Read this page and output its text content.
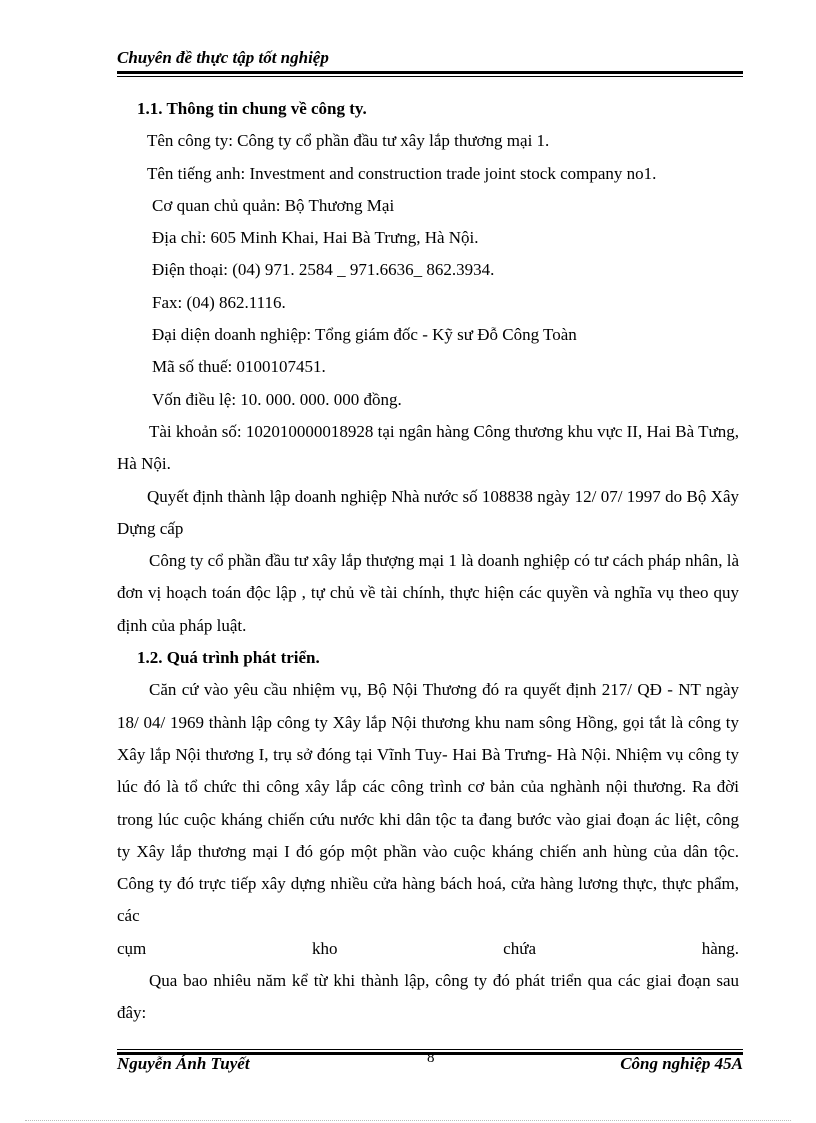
Chuyên đề thực tập tốt nghiệp

1.1. Thông tin chung về công ty.

Tên công ty: Công ty cổ phần đầu tư xây lắp thương mại 1.

Tên tiếng anh: Investment and construction trade joint stock company no1.

Cơ quan chủ quản: Bộ Thương Mại

Địa chỉ: 605 Minh Khai, Hai Bà Trưng, Hà Nội.

Điện thoại: (04) 971. 2584 _ 971.6636_ 862.3934.

Fax: (04) 862.1116.

Đại diện doanh nghiệp: Tổng giám đốc - Kỹ sư Đỗ Công Toàn

Mã số thuế: 0100107451.

Vốn điều lệ: 10. 000. 000. 000 đồng.

Tài khoản số: 102010000018928 tại ngân hàng Công thương khu vực II, Hai Bà Tưng, Hà Nội.

Quyết định thành lập doanh nghiệp Nhà nước số 108838 ngày 12/ 07/ 1997 do Bộ Xây Dựng cấp

Công ty cổ phần đầu tư xây lắp thượng mại 1 là doanh nghiệp có tư cách pháp nhân, là đơn vị hoạch toán độc lập , tự chủ về tài chính, thực hiện các quyền và nghĩa vụ theo quy định của pháp luật.

1.2. Quá trình phát triển.

Căn cứ vào yêu cầu nhiệm vụ, Bộ Nội Thương đó ra quyết định 217/ QĐ - NT ngày 18/ 04/ 1969 thành lập công ty Xây lắp Nội thương khu nam sông Hồng, gọi tắt là công ty Xây lắp Nội thương I, trụ sở đóng tại Vĩnh Tuy- Hai Bà Trưng- Hà Nội. Nhiệm vụ công ty lúc đó là tổ chức thi công xây lắp các công trình cơ bản của nghành nội thương. Ra đời trong lúc cuộc kháng chiến cứu nước khi dân tộc ta đang bước vào giai đoạn ác liệt, công ty Xây lắp thương mại I đó góp một phần vào cuộc kháng chiến anh hùng của dân tộc. Công ty đó trực tiếp xây dựng nhiều cửa hàng bách hoá, cửa hàng lương thực, thực phẩm, các

cụm kho chứa hàng.

Qua bao nhiêu năm kể từ khi thành lập, công ty đó phát triển qua các giai đoạn sau đây:

Nguyễn Ánh Tuyết	8	Công nghiệp 45A
